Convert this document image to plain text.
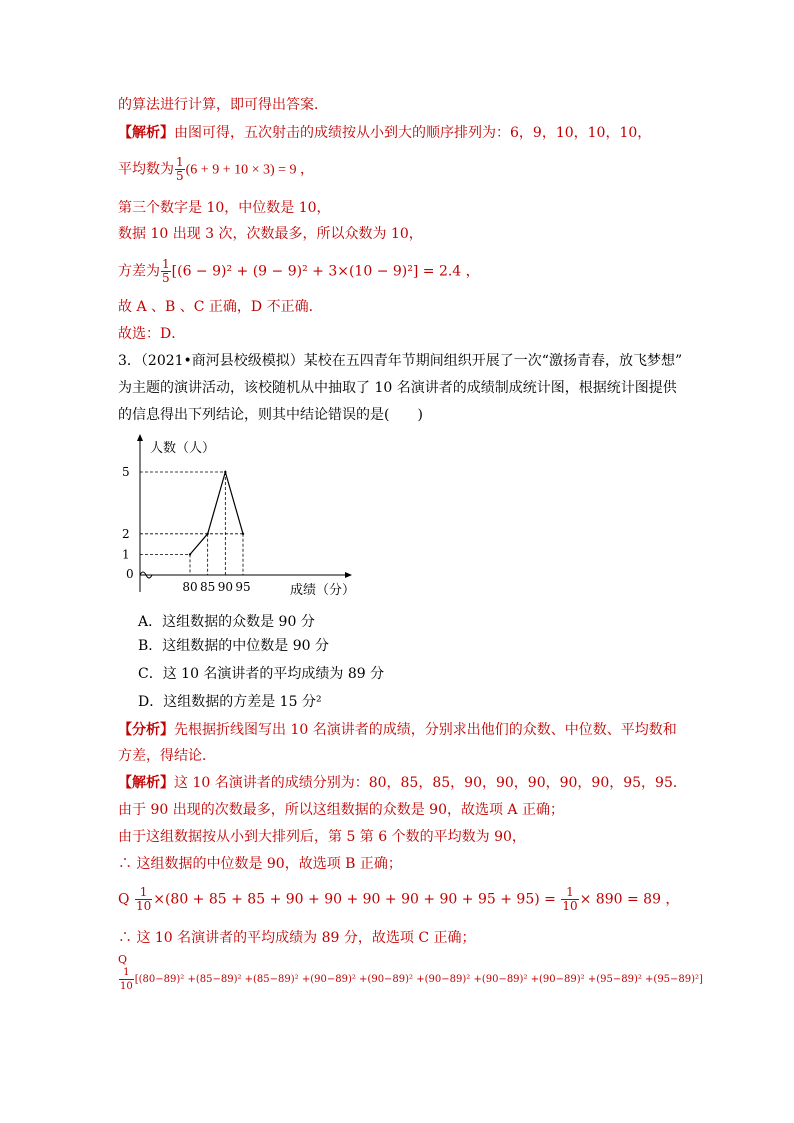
的算法进行计算，即可得出答案．
【解析】由图可得，五次射击的成绩按从小到大的顺序排列为：6，9，10，10，10，
平均数为 $\frac{1}{5} (6 + 9 + 10 \times 3) = 9$ ，
第三个数字是 10，中位数是 10，
数据 10 出现 3 次，次数最多，所以众数为 10，
方差为 $\frac{1}{5} [(6 - 9)^2 + (9 - 9)^2 + 3\times(10 - 9)^2] = 2.4$ ，
故 A 、B 、C 正确，D 不正确．
故选：D．
3．（2021•商河县校级模拟）某校在五四青年节期间组织开展了一次“激扬青春，放飞梦想”
为主题的演讲活动，该校随机从中抽取了 10 名演讲者的成绩制成统计图，根据统计图提供
的信息得出下列结论，则其中结论错误的是(　　)
人数（人）
成绩（分）
0
1
2
5
80 85 90 95
A．这组数据的众数是 90 分
B．这组数据的中位数是 90 分
C．这 10 名演讲者的平均成绩为 89 分
D．这组数据的方差是 15 分²
【分析】先根据折线图写出 10 名演讲者的成绩，分别求出他们的众数、中位数、平均数和
方差，得结论．
【解析】这 10 名演讲者的成绩分别为：80，85，85，90，90，90，90，90，95，95．
由于 90 出现的次数最多，所以这组数据的众数是 90，故选项 A 正确；
由于这组数据按从小到大排列后，第 5 第 6 个数的平均数为 90，
∴ 这组数据的中位数是 90，故选项 B 正确；
Q $\frac{1}{10} \times(80 + 85 + 85 + 90 + 90 + 90 + 90 + 90 + 95 + 95) = \frac{1}{10} \times 890 = 89$ ，
∴ 这 10 名演讲者的平均成绩为 89 分，故选项 C 正确；
Q
$\frac{1}{10} [(80-89)^2 +(85-89)^2 +(85-89)^2 +(90-89)^2 +(90-89)^2 +(90-89)^2 +(90-89)^2 +(90-89)^2 +(95-89)^2 +(95-89)^2]$
